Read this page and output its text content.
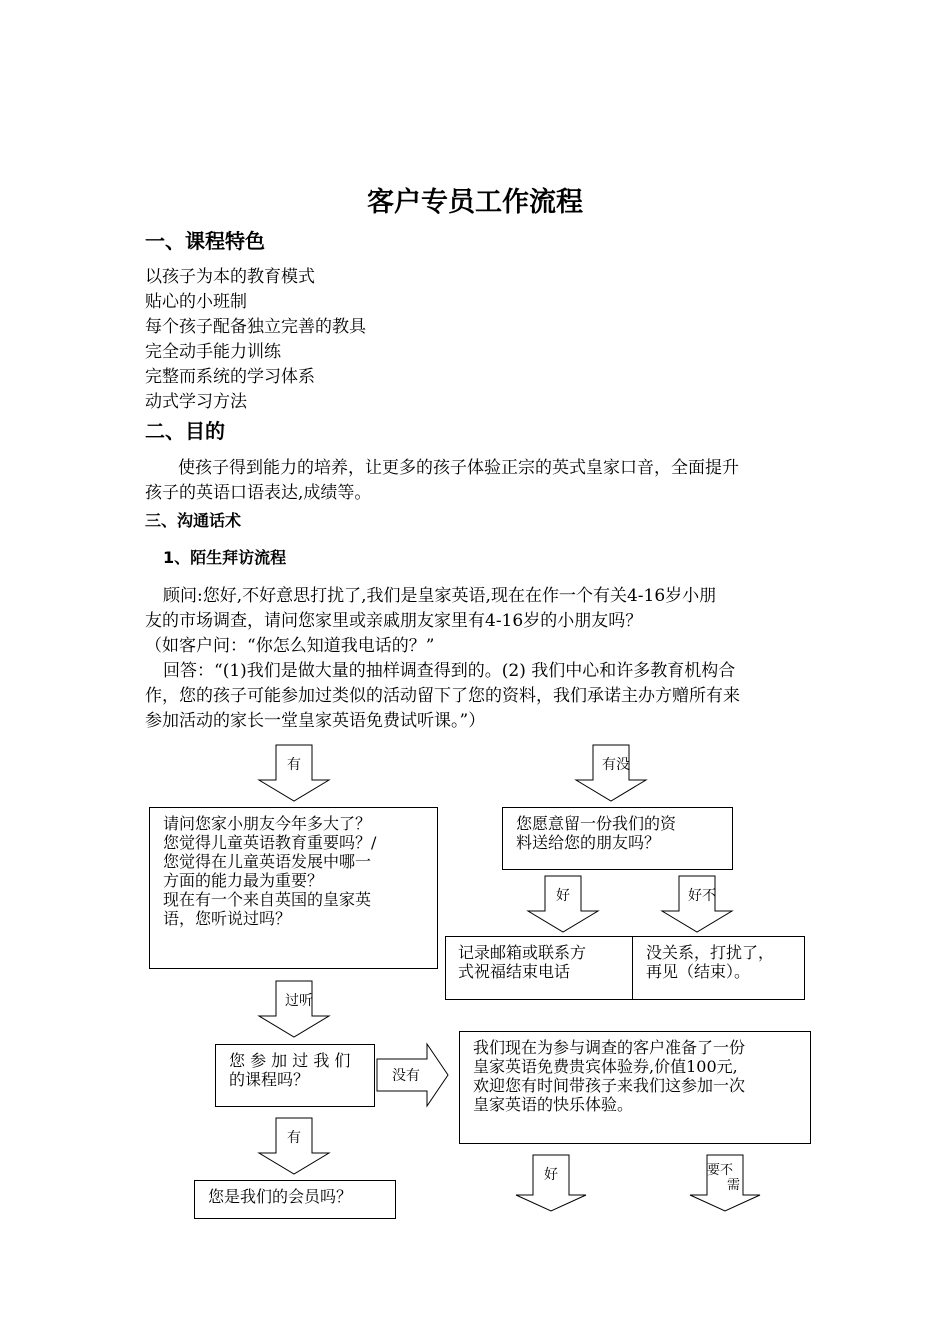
客户专员工作流程
一、课程特色
以孩子为本的教育模式
贴心的小班制
每个孩子配备独立完善的教具
完全动手能力训练
完整而系统的学习体系
动式学习方法
二、目的
使孩子得到能力的培养，让更多的孩子体验正宗的英式皇家口音，全面提升
孩子的英语口语表达,成绩等。
三、沟通话术
1、陌生拜访流程
顾问:您好,不好意思打扰了,我们是皇家英语,现在在作一个有关4-16岁小朋
友的市场调查，请问您家里或亲戚朋友家里有4-16岁的小朋友吗？
（如客户问：“你怎么知道我电话的？”
回答：“(1)我们是做大量的抽样调查得到的。(2) 我们中心和许多教育机构合
作，您的孩子可能参加过类似的活动留下了您的资料，我们承诺主办方赠所有来
参加活动的家长一堂皇家英语免费试听课。”）
有	有没
请问您家小朋友今年多大了？
您觉得儿童英语教育重要吗？/
您觉得在儿童英语发展中哪一
方面的能力最为重要？
现在有一个来自英国的皇家英
语，您听说过吗？
您愿意留一份我们的资
料送给您的朋友吗？
好	好不
记录邮箱或联系方
式祝福结束电话
没关系，打扰了，
再见（结束）。
过听
您 参 加 过 我 们
的课程吗？	没有
我们现在为参与调查的客户准备了一份
皇家英语免费贵宾体验券,价值100元,
欢迎您有时间带孩子来我们这参加一次
皇家英语的快乐体验。
有
您是我们的会员吗？
好	要不
需
